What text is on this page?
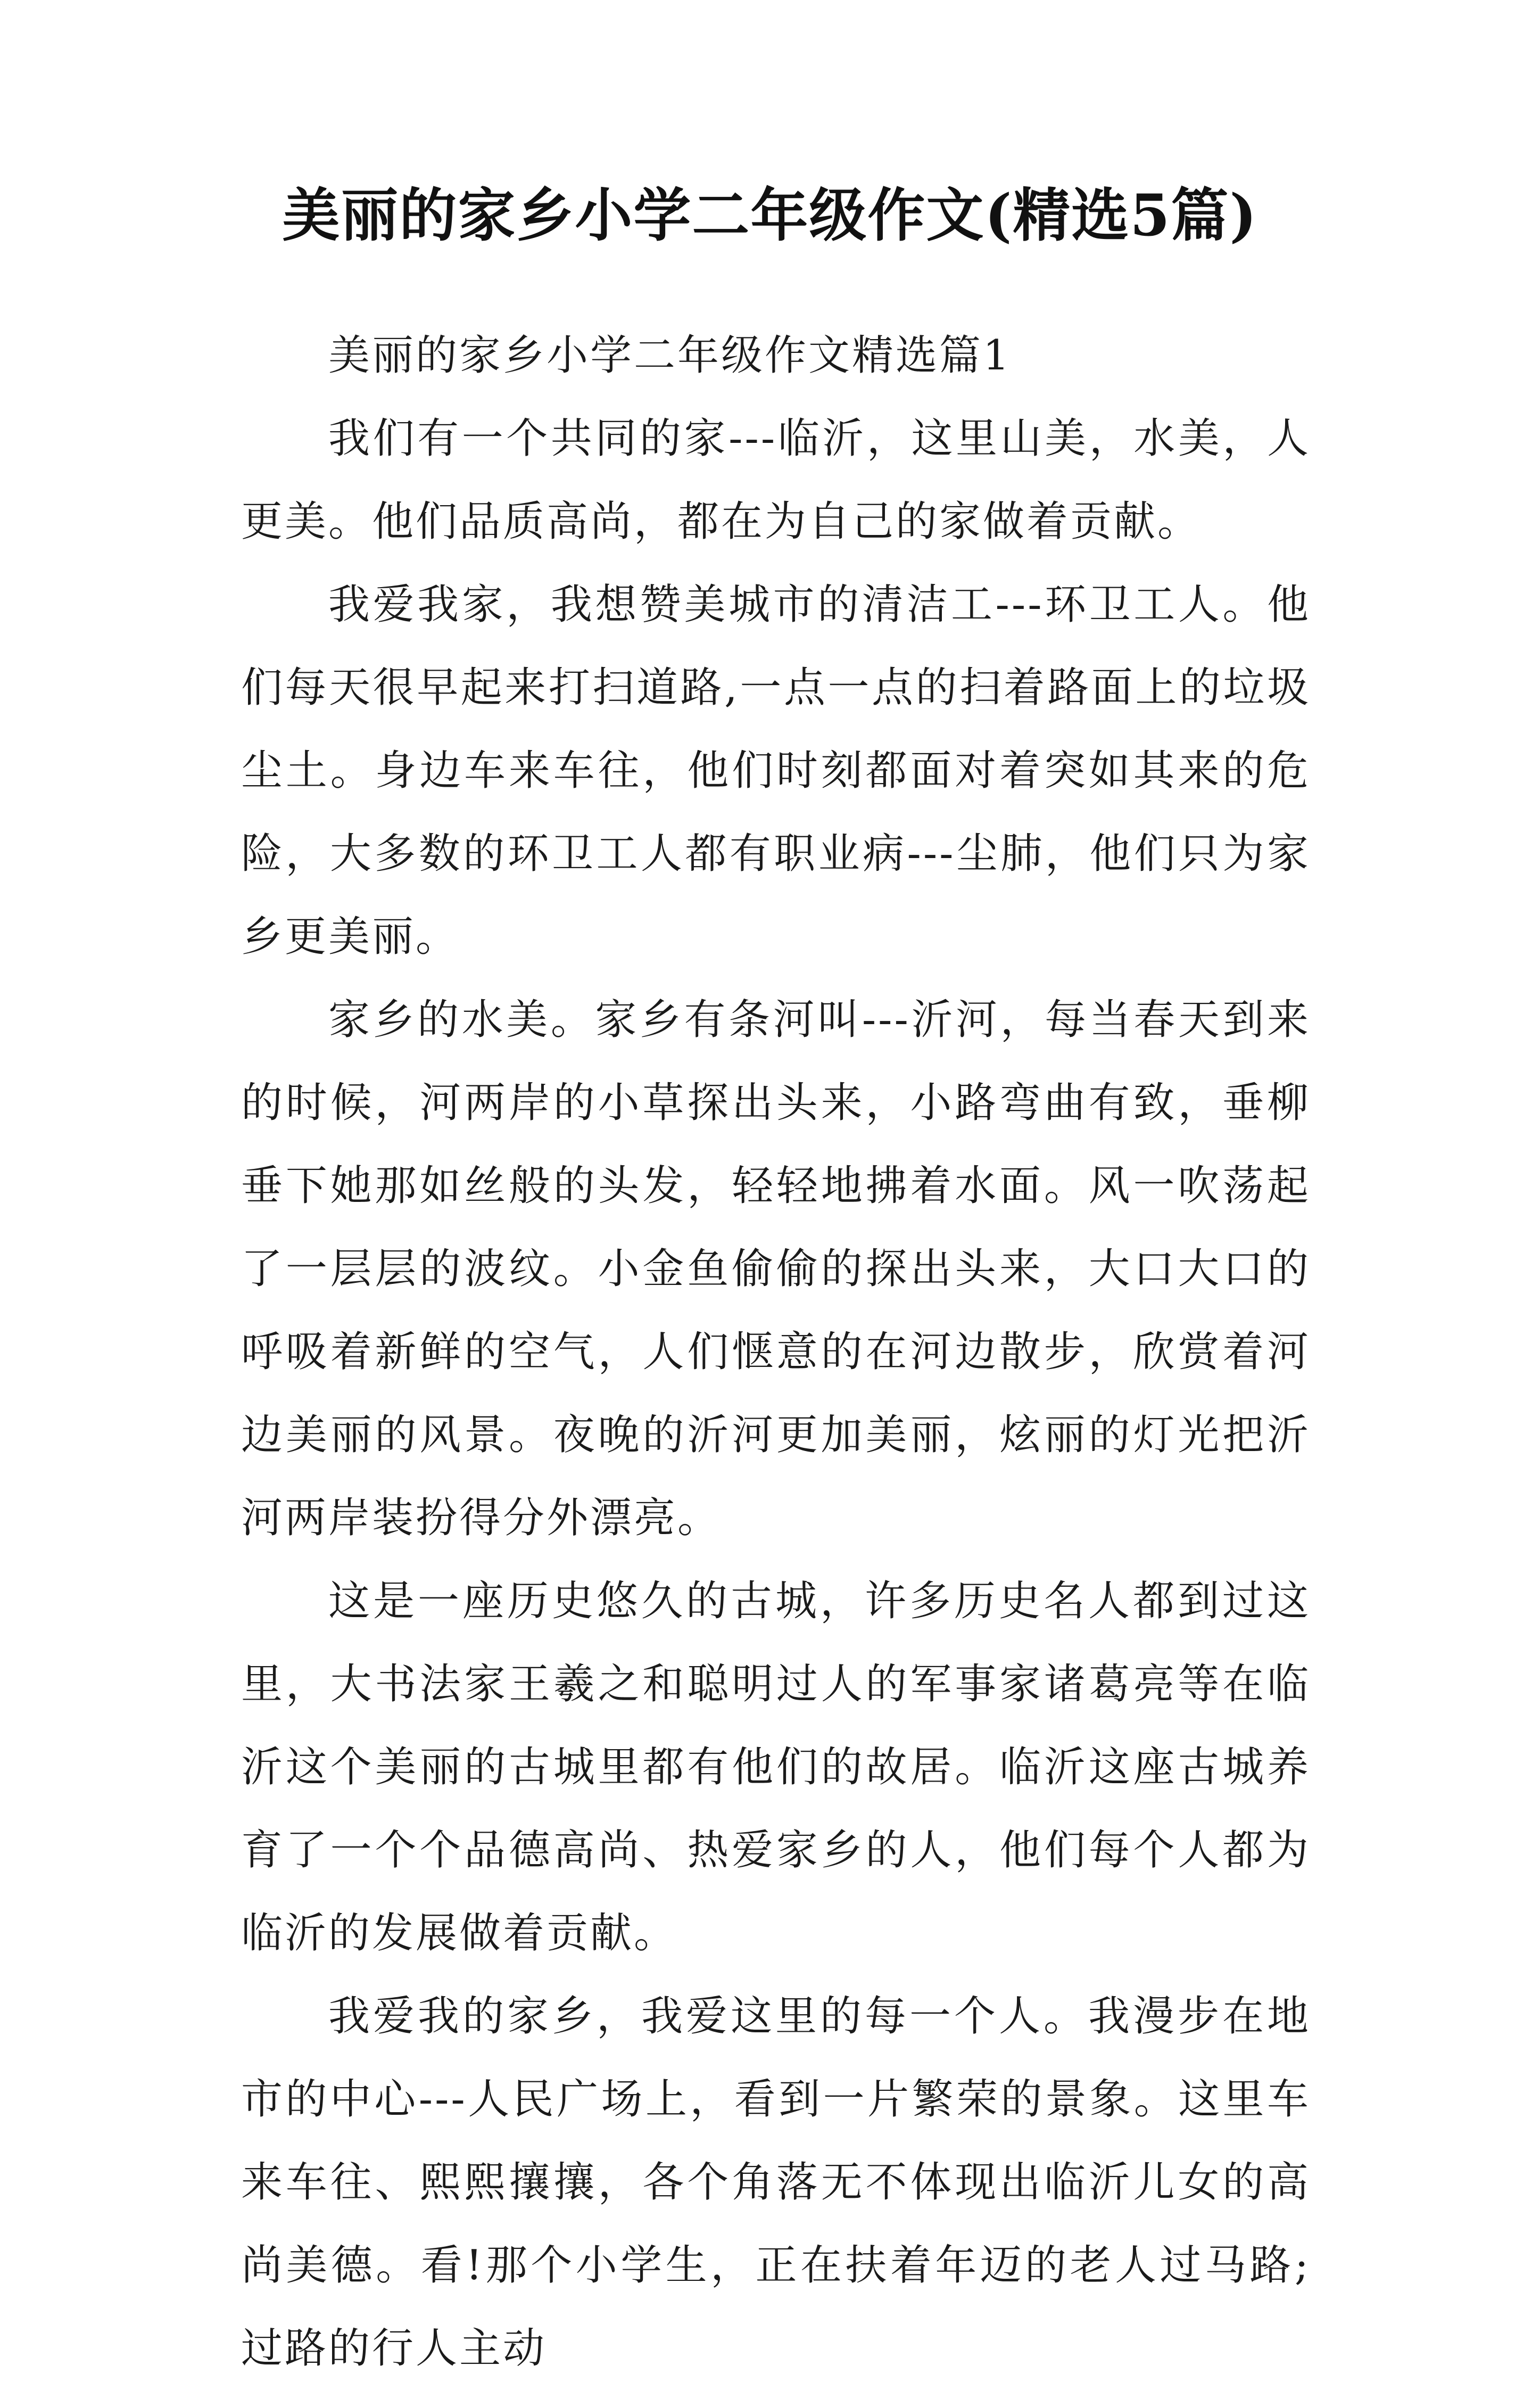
美丽的家乡小学二年级作文(精选5篇)

美丽的家乡小学二年级作文精选篇1

我们有一个共同的家---临沂，这里山美，水美，人更美。他们品质高尚，都在为自己的家做着贡献。

我爱我家，我想赞美城市的清洁工---环卫工人。他们每天很早起来打扫道路,一点一点的扫着路面上的垃圾尘土。身边车来车往，他们时刻都面对着突如其来的危险，大多数的环卫工人都有职业病---尘肺，他们只为家乡更美丽。

家乡的水美。家乡有条河叫---沂河，每当春天到来的时候，河两岸的小草探出头来，小路弯曲有致，垂柳垂下她那如丝般的头发，轻轻地拂着水面。风一吹荡起了一层层的波纹。小金鱼偷偷的探出头来，大口大口的呼吸着新鲜的空气，人们惬意的在河边散步，欣赏着河边美丽的风景。夜晚的沂河更加美丽，炫丽的灯光把沂河两岸装扮得分外漂亮。

这是一座历史悠久的古城，许多历史名人都到过这里，大书法家王羲之和聪明过人的军事家诸葛亮等在临沂这个美丽的古城里都有他们的故居。临沂这座古城养育了一个个品德高尚、热爱家乡的人，他们每个人都为临沂的发展做着贡献。

我爱我的家乡，我爱这里的每一个人。我漫步在地市的中心---人民广场上，看到一片繁荣的景象。这里车来车往、熙熙攘攘，各个角落无不体现出临沂儿女的高尚美德。看!那个小学生，正在扶着年迈的老人过马路;过路的行人主动
